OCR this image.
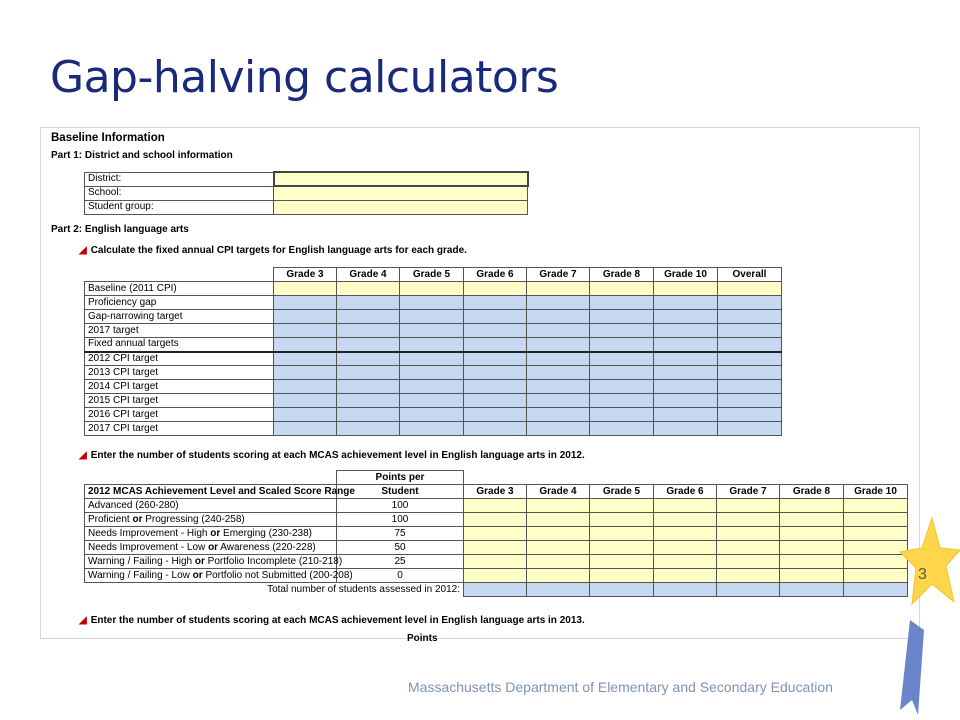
Gap-halving calculators
Baseline Information
Part 1: District and school information
District:	
School:	
Student group:	
Part 2: English language arts
◢ Calculate the fixed annual CPI targets for English language arts for each grade.
	Grade 3	Grade 4	Grade 5	Grade 6	Grade 7	Grade 8	Grade 10	Overall
Baseline (2011 CPI)								
Proficiency gap								
Gap-narrowing target								
2017 target								
Fixed annual targets								
2012 CPI target								
2013 CPI target								
2014 CPI target								
2015 CPI target								
2016 CPI target								
2017 CPI target								
◢ Enter the number of students scoring at each MCAS achievement level in English language arts in 2012.
	Points per							
2012 MCAS Achievement Level and Scaled Score Range	Student	Grade 3	Grade 4	Grade 5	Grade 6	Grade 7	Grade 8	Grade 10
Advanced (260-280)	100							
Proficient or Progressing (240-258)	100							
Needs Improvement - High or Emerging (230-238)	75							
Needs Improvement - Low or Awareness (220-228)	50							
Warning / Failing - High or Portfolio Incomplete (210-218)	25							
Warning / Failing - Low or Portfolio not Submitted (200-208)	0							
Total number of students assessed in 2012:								
◢ Enter the number of students scoring at each MCAS achievement level in English language arts in 2013.
Points
3
Massachusetts Department of Elementary and Secondary Education
